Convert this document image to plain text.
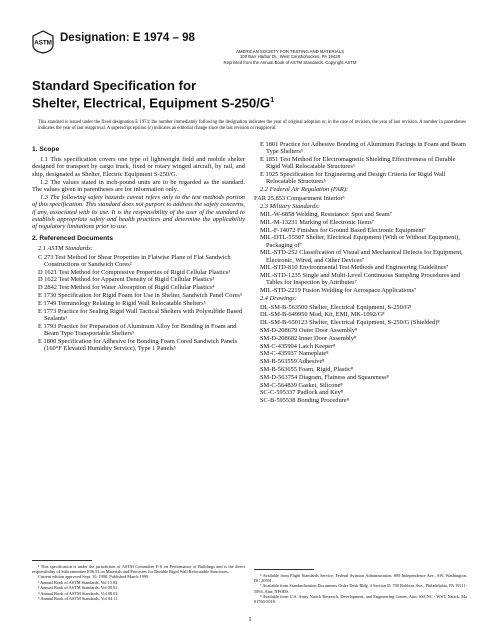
ASTM Designation: E 1974 – 98
AMERICAN SOCIETY FOR TESTING AND MATERIALS
100 Barr Harbor Dr., West Conshohocken, PA 19428
Reprinted from the Annual Book of ASTM Standards. Copyright ASTM
Standard Specification for
Shelter, Electrical, Equipment $S-250/G^1$
This standard is issued under the fixed designation E 1974; the number immediately following the designation indicates the year of original adoption or, in the case of revision, the year of last revision. A number in parentheses indicates the year of last reapproval. A superscript epsilon (ε) indicates an editorial change since the last revision or reapproval.
1. Scope
1.1 This specification covers one type of lightweight field and mobile shelter designed for transport by cargo truck, fixed or rotary winged aircraft, by rail, and ship, designated as Shelter, Electric Equipment S-250/G.
1.2 The values stated in inch-pound units are to be regarded as the standard. The values given in parentheses are for information only.
1.3 The following safety hazards caveat refers only to the test methods portion of this specification. This standard does not purport to address the safety concerns, if any, associated with its use. It is the responsibility of the user of the standard to establish appropriate safety and health practices and determine the applicability of regulatory limitations prior to use.
2. Referenced Documents
2.1 ASTM Standards:
C 273 Test Method for Shear Properties in Flatwise Plane of Flat Sandwich Constructions or Sandwich Cores²
D 1621 Test Method for Compressive Properties of Rigid Cellular Plastics³
D 1622 Test Method for Apparent Density of Rigid Cellular Plastics³
D 2842 Test Method for Water Absorption of Rigid Cellular Plastics⁴
E 1730 Specification for Rigid Foam for Use in Shelter, Sandwich Panel Cores⁵
E 1749 Terminology Relating to Rigid Wall Relocatable Shelters⁵
E 1773 Practice for Sealing Rigid Wall Tactical Shelters with Polysulfide Based Sealants⁵
E 1793 Practice for Preparation of Aluminum Alloy for Bonding in Foam and Beam Type Transportable Shelters⁵
E 1800 Specification for Adhesive for Bonding Foam Cored Sandwich Panels (160°F Elevated Humidity Service), Type 1 Panels⁵
¹ This specification is under the jurisdiction of ASTM Committee E-6 on Performance of Buildings and is the direct responsibility of Subcommittee E06.53 on Materials and Processes for Durable Rigid Wall Relocatable Structures.
Current edition approved Sept. 10, 1998. Published March 1999.
² Annual Book of ASTM Standards, Vol 15.03.
³ Annual Book of ASTM Standards, Vol 08.01.
⁴ Annual Book of ASTM Standards, Vol 08.02.
⁵ Annual Book of ASTM Standards, Vol 04.11.
E 1801 Practice for Adhesive Bonding of Aluminum Facings in Foam and Beam Type Shelters⁵
E 1851 Test Method for Electromagnetic Shielding Effectiveness of Durable Rigid Wall Relocatable Structures⁵
E 1925 Specification for Engineering and Design Criteria for Rigid Wall Relocatable Structures⁵
2.2 Federal Air Regulation (FAR):
FAR 25.853 Compartment Interior⁶
2.3 Military Standards:
MIL-W-6858 Welding, Resistance: Spot and Seam⁷
MIL-M-13231 Marking of Electronic Items⁷
MIL-F-14072 Finishes for Ground Based Electronic Equipment⁷
MIL-DTL-55507 Shelter, Electrical Equipment (With or Without Equipment), Packaging of⁷
MIL-STD-252 Classification of Visual and Mechanical Defects for Equipment, Electronic, Wired, and Other Devices⁷
MIL-STD-810 Environmental Test Methods and Engineering Guidelines⁷
MIL-STD-1235 Single and Multi-Level Continuous Sampling Procedures and Tables for Inspection by Attributes⁷
MIL-STD-2219 Fusion Welding for Aerospace Applications⁷
2.4 Drawings:
DL-SM-B-563500 Shelter, Electrical Equipment, S-250/G⁸
DL-SM-B-649950 Mod, Kit, EMI, MK-1092/G⁸
DL-SM-B-650123 Shelter, Electrical Equipment, S-250/G (Shielded)⁸
SM-D-208679 Outer Door Assembly⁸
SM-D-208682 Inner Door Assembly⁸
SM-C-435904 Latch Keeper⁸
SM-C-435937 Nameplate⁸
SM-B-563559 Adhesive⁸
SM-B-563655 Foam, Rigid, Plastic⁸
SM-D-563754 Diagram, Flatness and Squareness⁸
SM-C-564839 Gasket, Silicone⁸
SC-C-595337 Padlock and Key⁸
SC-B-595538 Bonding Procedure⁸
⁶ Available from Flight Standards Service, Federal Aviation Administration, 800 Independence Ave., SW, Washington, DC 20591.
⁷ Available from Standardization Documents Order Desk Bldg. 4 Section D, 700 Robbins Ave., Philadelphia, PA 19111-5094. Attn: NPODS.
⁸ Available from U.S. Army Natick Research, Development, and Engineering Center, Attn: SSCNC - WST, Natick, Ma 01760-5018.
1
